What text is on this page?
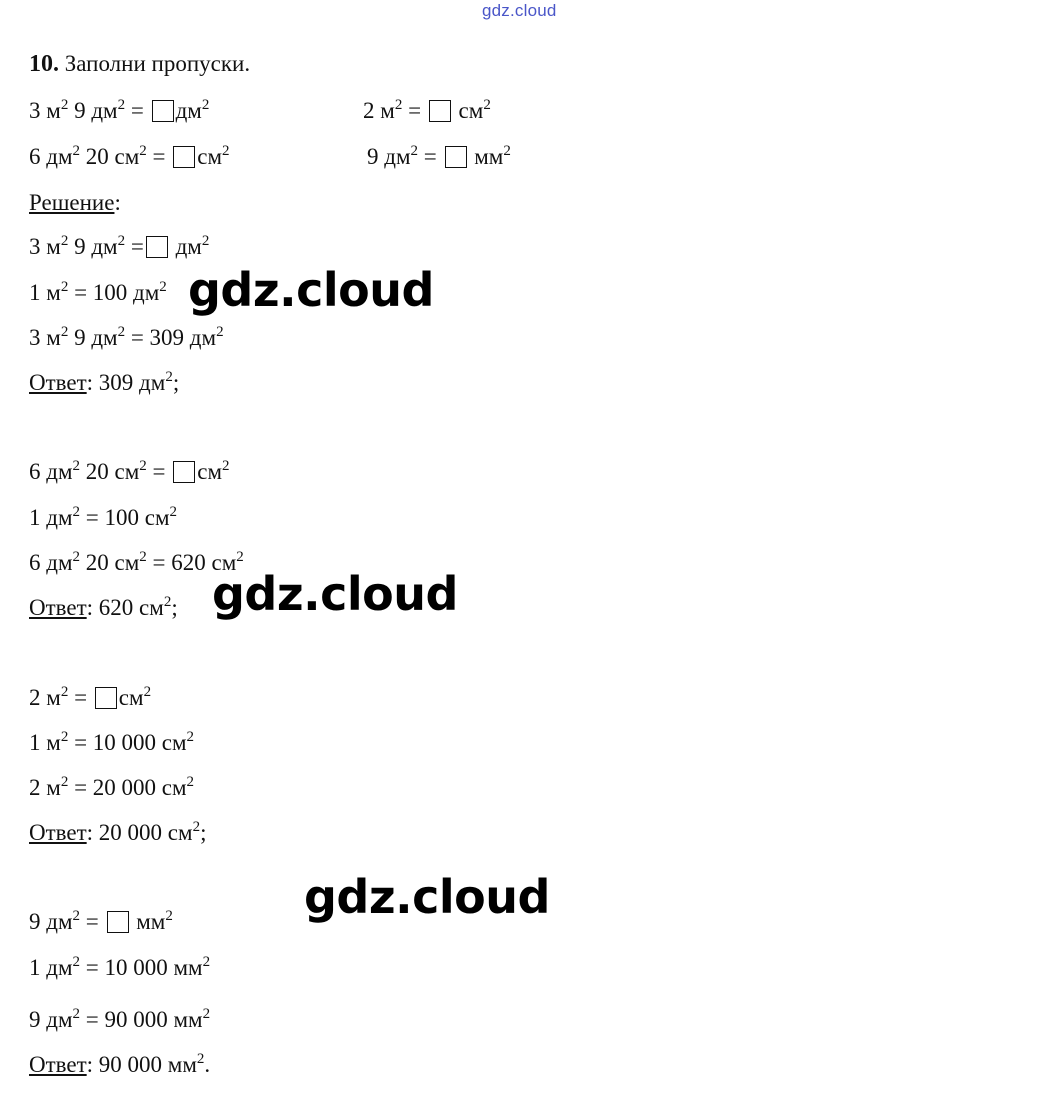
gdz.cloud
10. Заполни пропуски.
3 $м^2$ 9 $дм^2 = дм^2$	2 $м^2 = см^2$
6 $дм^2$ 20 $см^2 = см^2$	9 $дм^2 = мм^2$
Решение:
3 $м^2$ 9 $дм^2 = дм^2$
1 $м^2 = 100$ $дм^2$ gdz.cloud
3 $м^2$ 9 $дм^2 = 309$ $дм^2$
Ответ: 309 $дм^2$;
6 $дм^2$ 20 $см^2 = см^2$
1 $дм^2 = 100$ $см^2$
6 $дм^2$ 20 $см^2 = 620$ $см^2$
Ответ: 620 $см^2$; gdz.cloud
2 $м^2 = см^2$
1 $м^2 = 10$ 000 $см^2$
2 $м^2 = 20$ 000 $см^2$
Ответ: 20 000 $см^2$;
gdz.cloud
9 $дм^2 = мм^2$
1 $дм^2 = 10$ 000 $мм^2$
9 $дм^2 = 90$ 000 $мм^2$
Ответ: 90 000 $мм^2$.
